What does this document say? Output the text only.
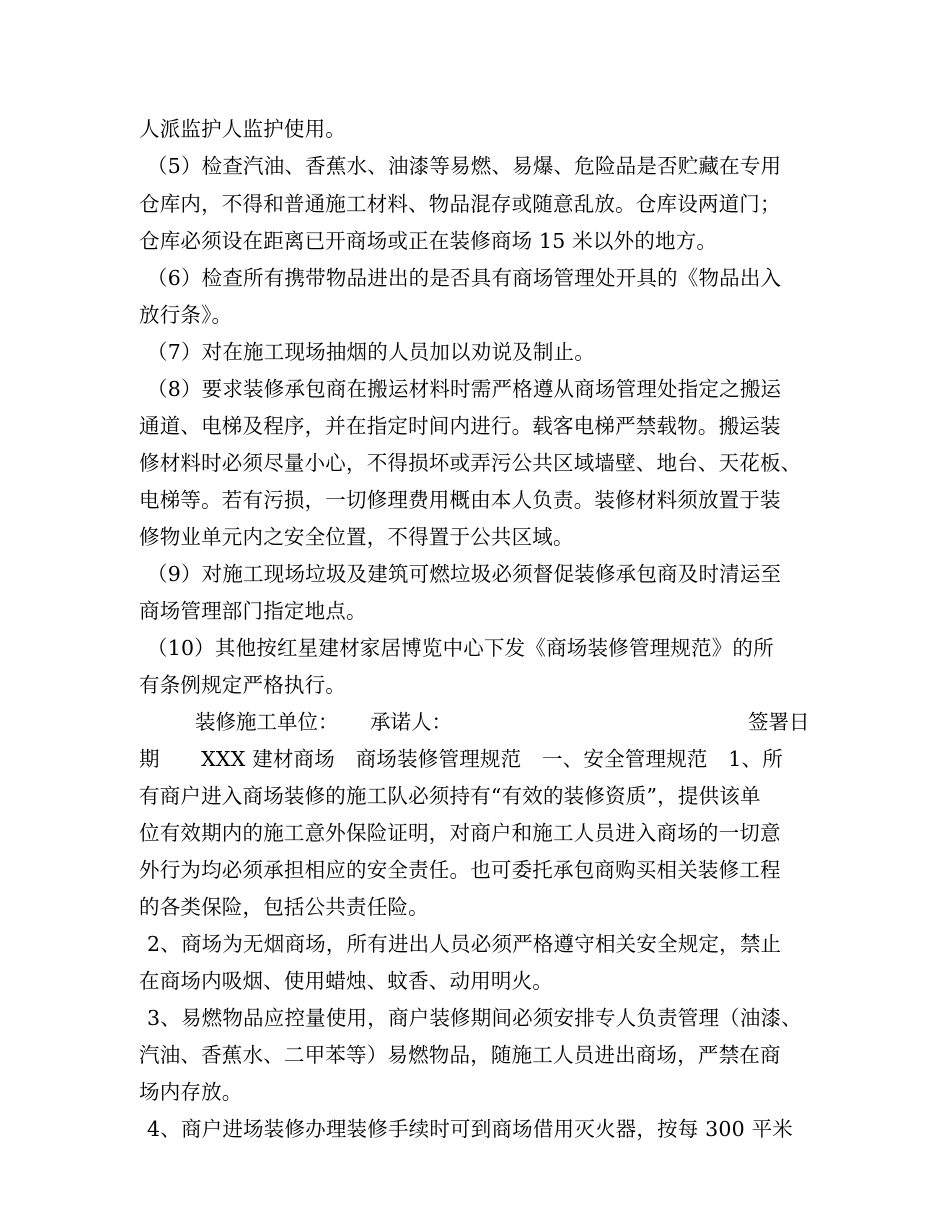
人派监护人监护使用。
（5）检查汽油、香蕉水、油漆等易燃、易爆、危险品是否贮藏在专用
仓库内，不得和普通施工材料、物品混存或随意乱放。仓库设两道门；
仓库必须设在距离已开商场或正在装修商场 15 米以外的地方。
（6）检查所有携带物品进出的是否具有商场管理处开具的《物品出入
放行条》。
（7）对在施工现场抽烟的人员加以劝说及制止。
（8）要求装修承包商在搬运材料时需严格遵从商场管理处指定之搬运
通道、电梯及程序，并在指定时间内进行。载客电梯严禁载物。搬运装
修材料时必须尽量小心，不得损坏或弄污公共区域墙壁、地台、天花板、
电梯等。若有污损，一切修理费用概由本人负责。装修材料须放置于装
修物业单元内之安全位置，不得置于公共区域。
（9）对施工现场垃圾及建筑可燃垃圾必须督促装修承包商及时清运至
商场管理部门指定地点。
（10）其他按红星建材家居博览中心下发《商场装修管理规范》的所
有条例规定严格执行。
装修施工单位： 承诺人：	签署日
期　　XXX 建材商场　商场装修管理规范　一、安全管理规范　1、所
有商户进入商场装修的施工队必须持有“有效的装修资质”，提供该单
位有效期内的施工意外保险证明，对商户和施工人员进入商场的一切意
外行为均必须承担相应的安全责任。也可委托承包商购买相关装修工程
的各类保险，包括公共责任险。
2、商场为无烟商场，所有进出人员必须严格遵守相关安全规定，禁止
在商场内吸烟、使用蜡烛、蚊香、动用明火。
3、易燃物品应控量使用，商户装修期间必须安排专人负责管理（油漆、
汽油、香蕉水、二甲苯等）易燃物品，随施工人员进出商场，严禁在商
场内存放。
4、商户进场装修办理装修手续时可到商场借用灭火器，按每 300 平米
